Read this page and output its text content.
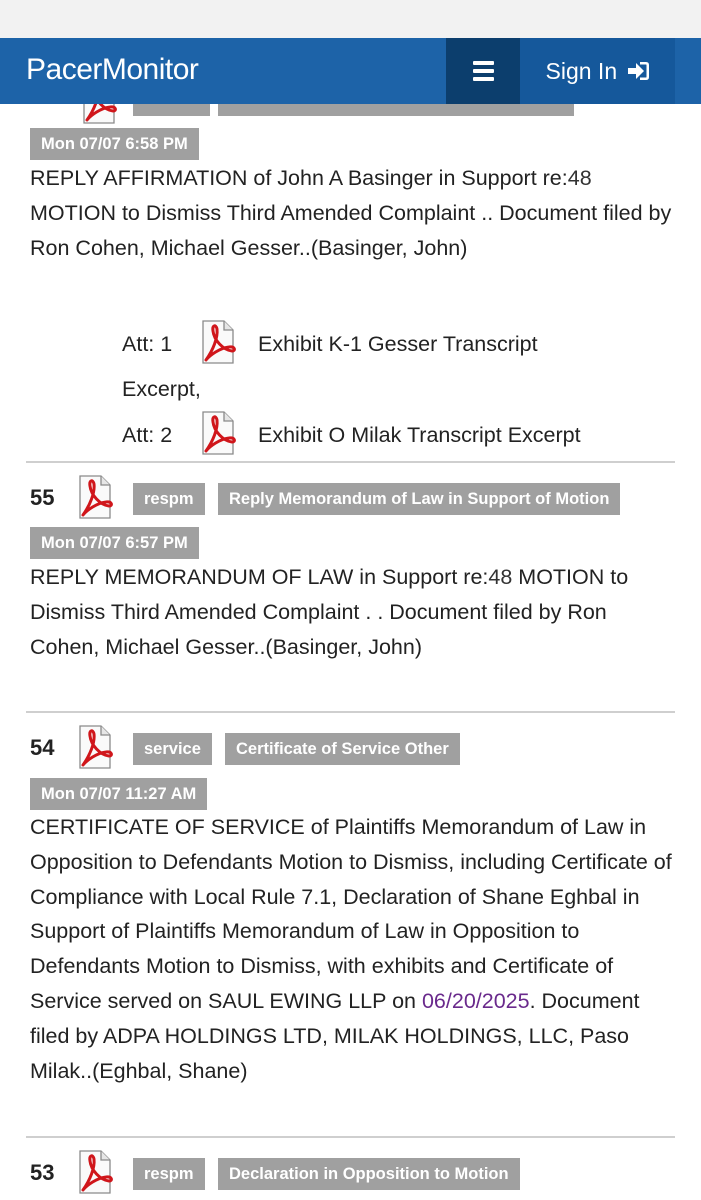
PacerMonitor	Sign In
Mon 07/07 6:58 PM
REPLY AFFIRMATION of John A Basinger in Support re:48 MOTION to Dismiss Third Amended Complaint .. Document filed by Ron Cohen, Michael Gesser..(Basinger, John)
Att: 1	Exhibit K-1 Gesser Transcript
Excerpt,
Att: 2	Exhibit O Milak Transcript Excerpt
55	respm	Reply Memorandum of Law in Support of Motion
Mon 07/07 6:57 PM
REPLY MEMORANDUM OF LAW in Support re:48 MOTION to Dismiss Third Amended Complaint . . Document filed by Ron Cohen, Michael Gesser..(Basinger, John)
54	service	Certificate of Service Other
Mon 07/07 11:27 AM
CERTIFICATE OF SERVICE of Plaintiffs Memorandum of Law in Opposition to Defendants Motion to Dismiss, including Certificate of Compliance with Local Rule 7.1, Declaration of Shane Eghbal in Support of Plaintiffs Memorandum of Law in Opposition to Defendants Motion to Dismiss, with exhibits and Certificate of Service served on SAUL EWING LLP on 06/20/2025. Document filed by ADPA HOLDINGS LTD, MILAK HOLDINGS, LLC, Paso Milak..(Eghbal, Shane)
53	respm	Declaration in Opposition to Motion
